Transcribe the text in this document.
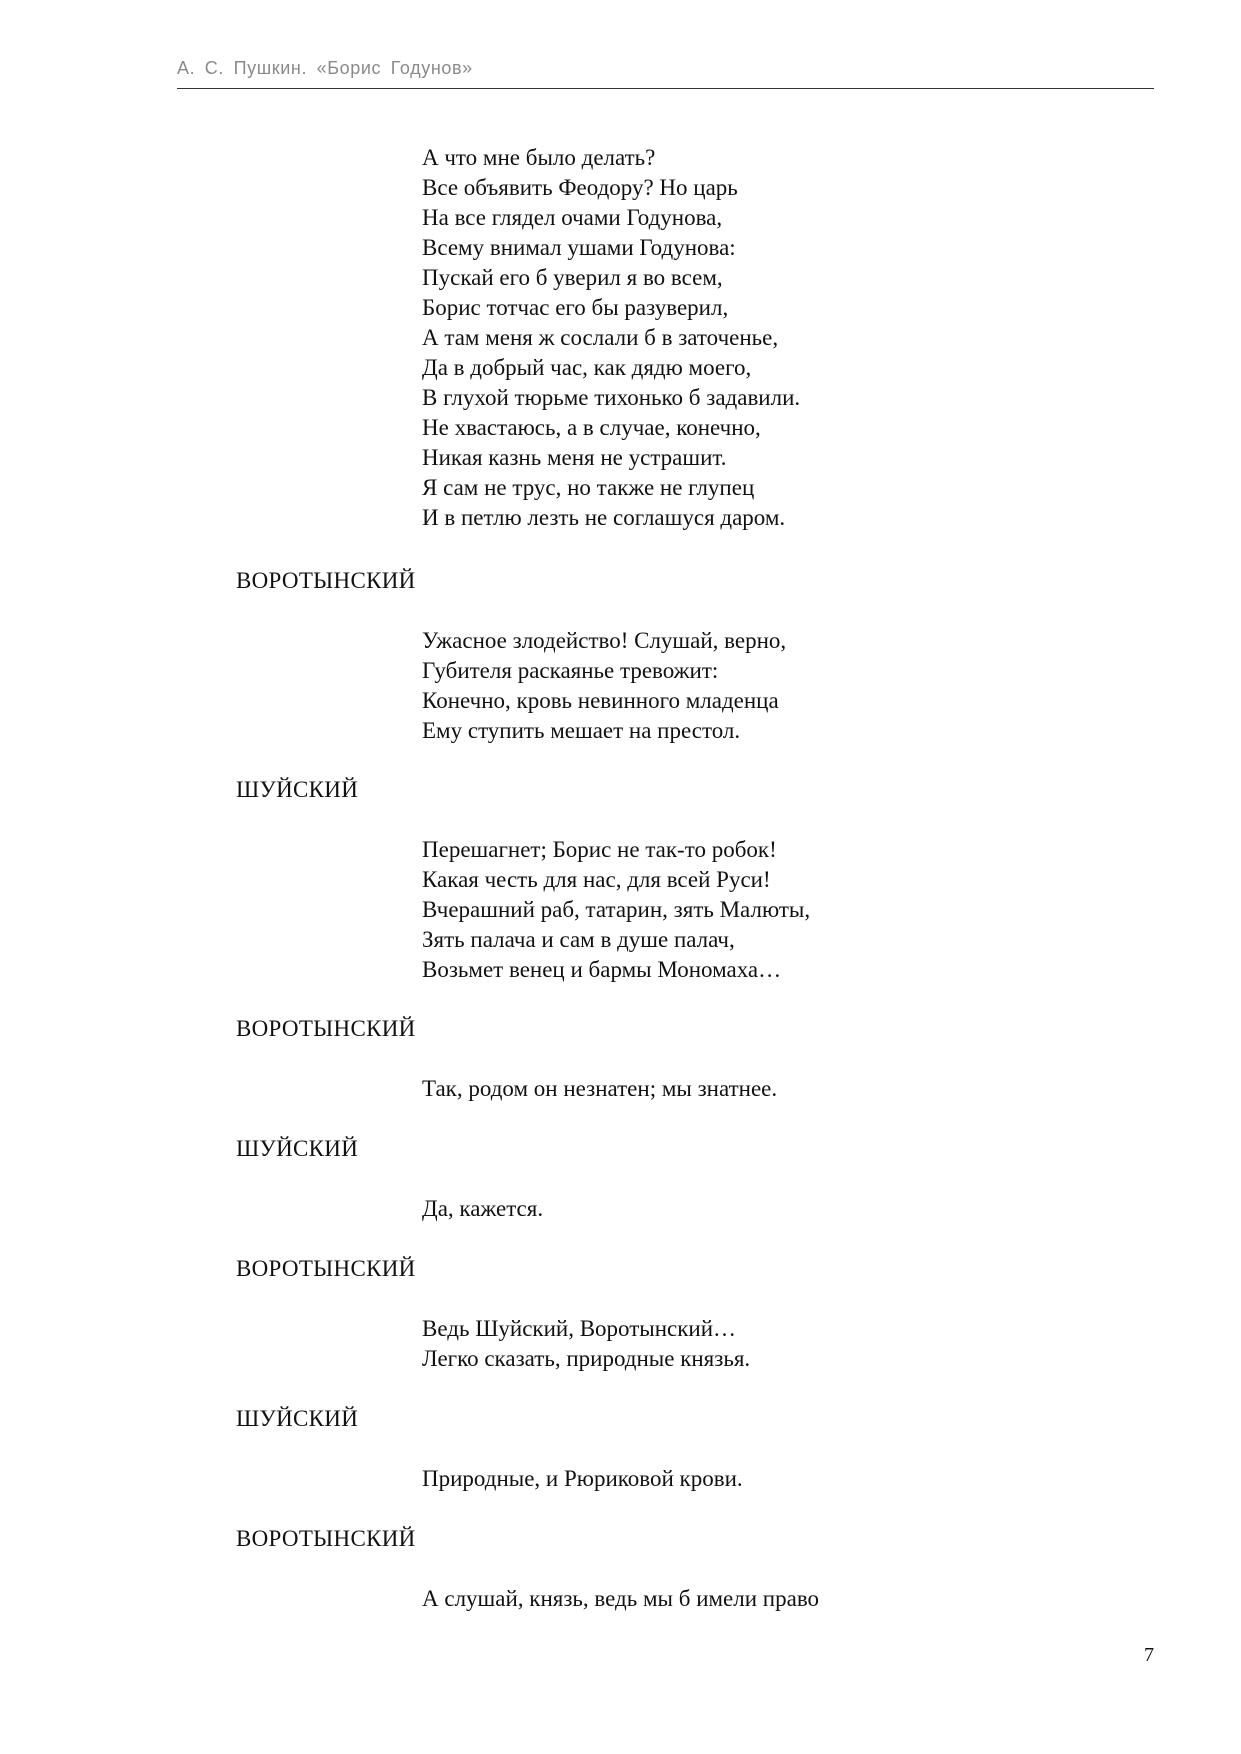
А. С. Пушкин. «Борис Годунов»
А что мне было делать?
Все объявить Феодору? Но царь
На все глядел очами Годунова,
Всему внимал ушами Годунова:
Пускай его б уверил я во всем,
Борис тотчас его бы разуверил,
А там меня ж сослали б в заточенье,
Да в добрый час, как дядю моего,
В глухой тюрьме тихонько б задавили.
Не хвастаюсь, а в случае, конечно,
Никая казнь меня не устрашит.
Я сам не трус, но также не глупец
И в петлю лезть не соглашуся даром.
ВОРОТЫНСКИЙ
Ужасное злодейство! Слушай, верно,
Губителя раскаянье тревожит:
Конечно, кровь невинного младенца
Ему ступить мешает на престол.
ШУЙСКИЙ
Перешагнет; Борис не так-то робок!
Какая честь для нас, для всей Руси!
Вчерашний раб, татарин, зять Малюты,
Зять палача и сам в душе палач,
Возьмет венец и бармы Мономаха…
ВОРОТЫНСКИЙ
Так, родом он незнатен; мы знатнее.
ШУЙСКИЙ
Да, кажется.
ВОРОТЫНСКИЙ
Ведь Шуйский, Воротынский…
Легко сказать, природные князья.
ШУЙСКИЙ
Природные, и Рюриковой крови.
ВОРОТЫНСКИЙ
А слушай, князь, ведь мы б имели право
7
